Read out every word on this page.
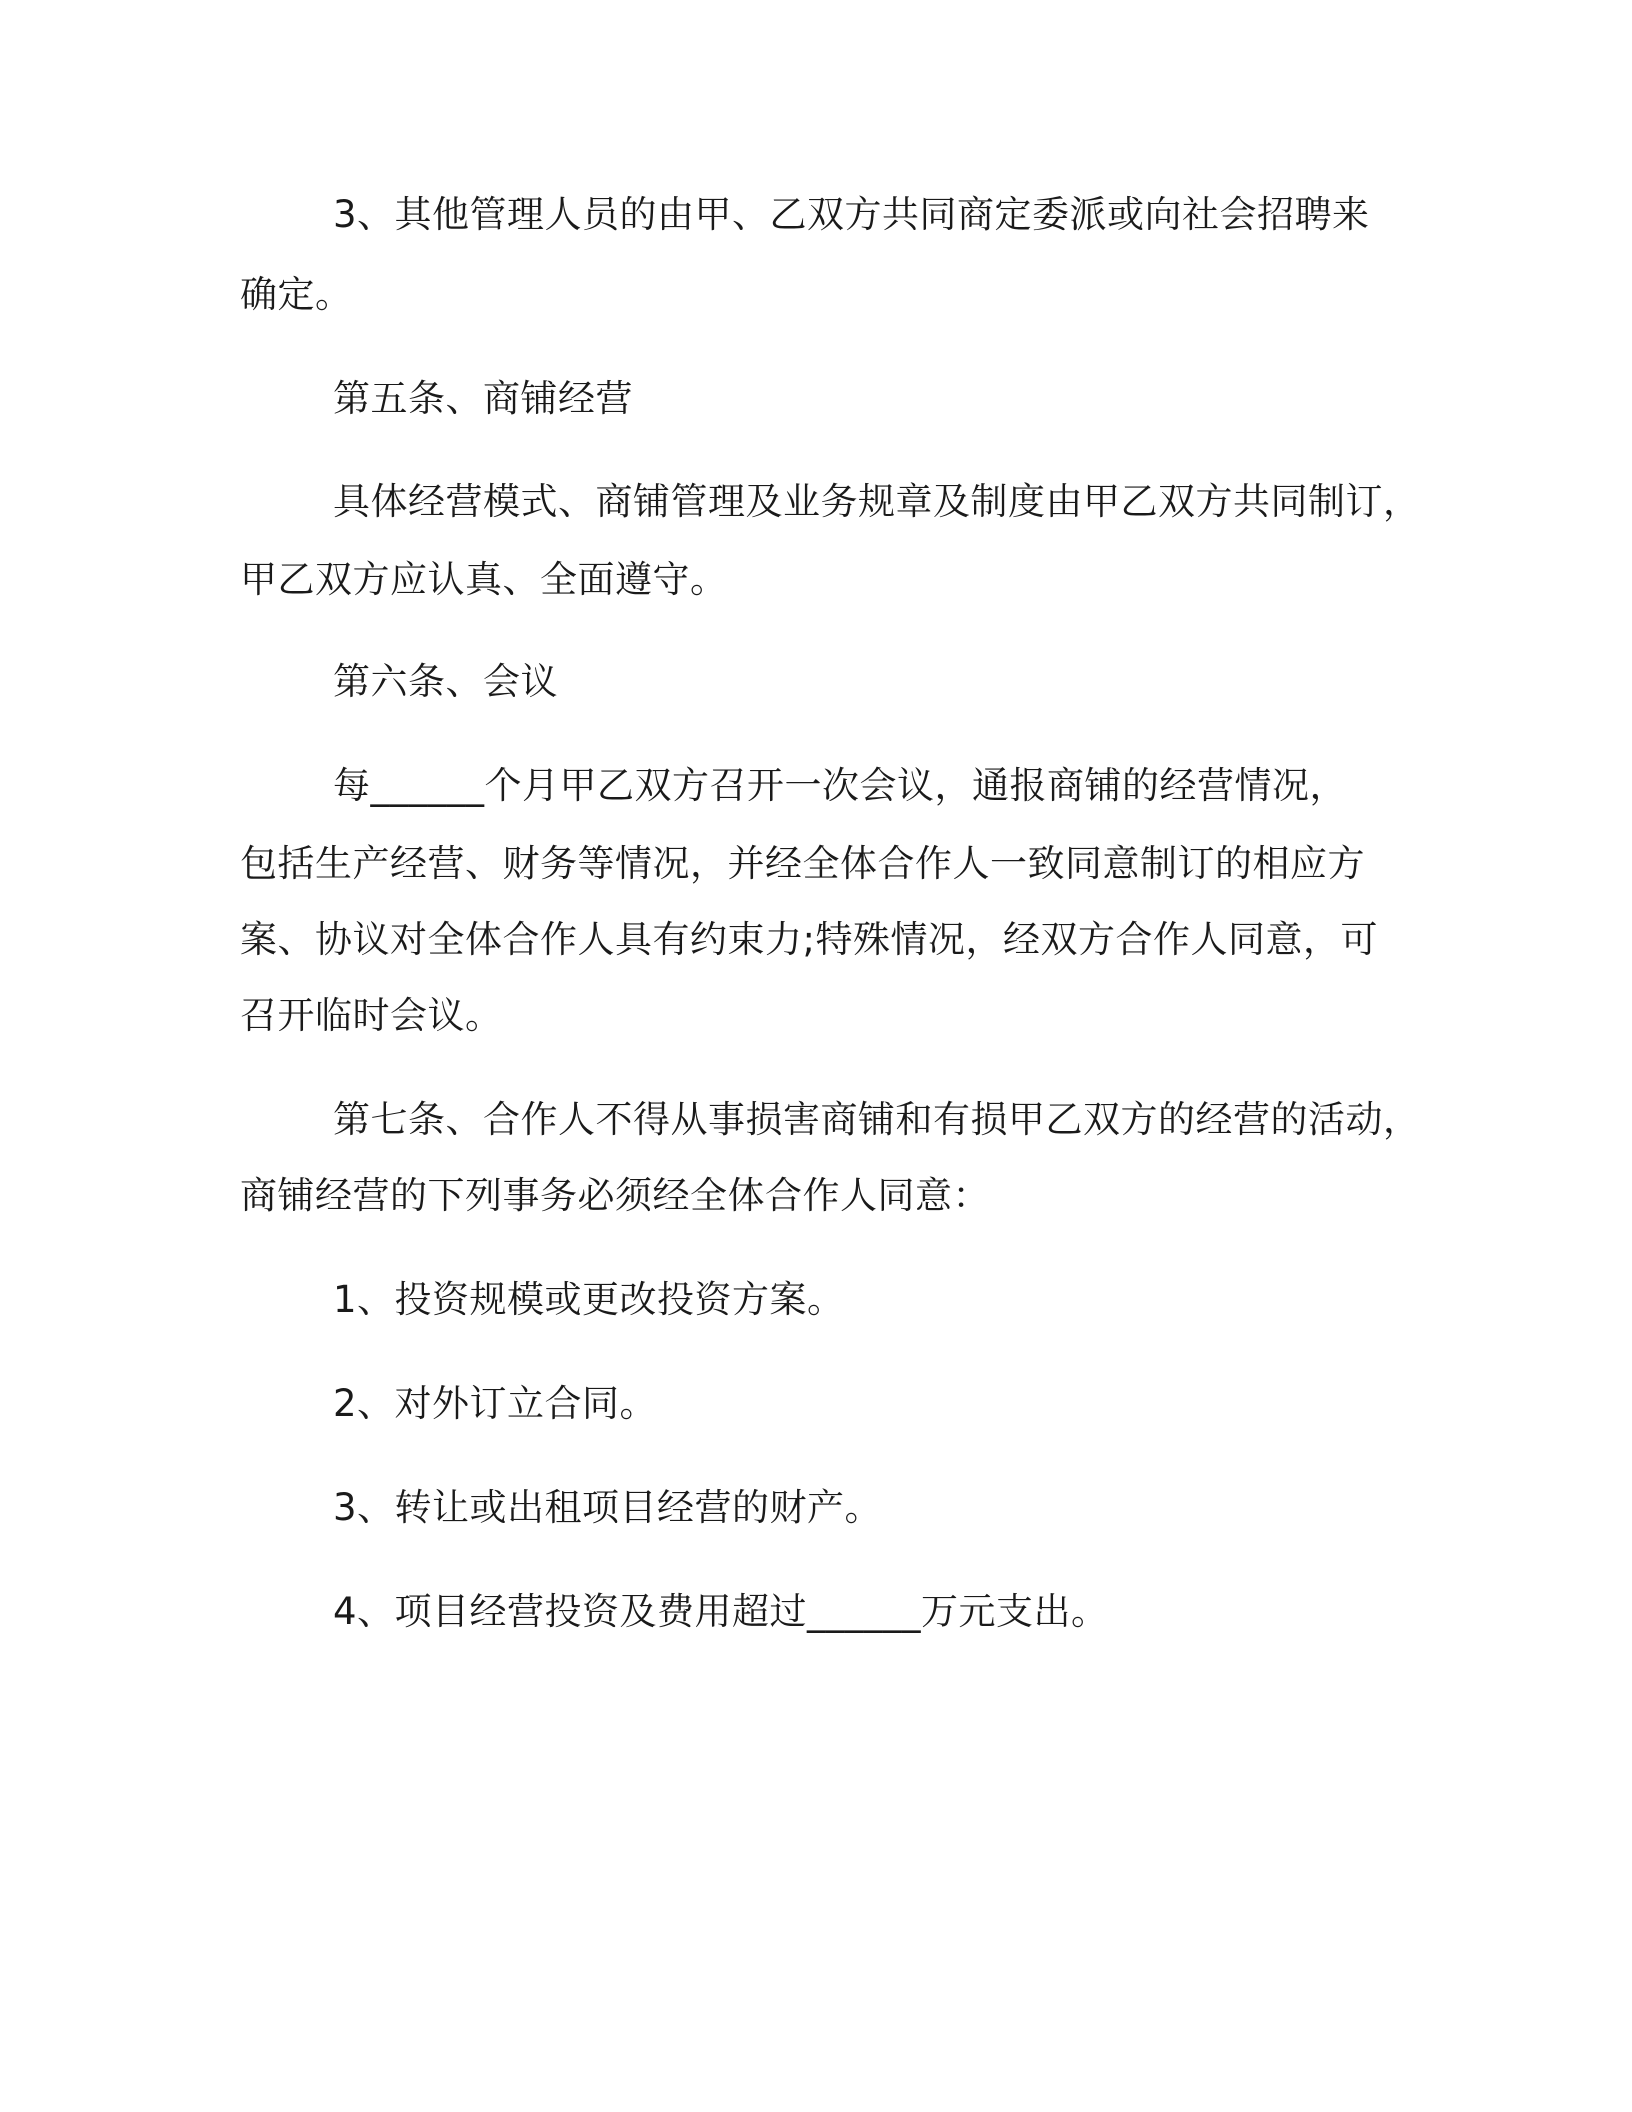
3、其他管理人员的由甲、乙双方共同商定委派或向社会招聘来

确定。

第五条、商铺经营

具体经营模式、商铺管理及业务规章及制度由甲乙双方共同制订，

甲乙双方应认真、全面遵守。

第六条、会议

每______个月甲乙双方召开一次会议，通报商铺的经营情况，

包括生产经营、财务等情况，并经全体合作人一致同意制订的相应方

案、协议对全体合作人具有约束力;特殊情况，经双方合作人同意，可

召开临时会议。

第七条、合作人不得从事损害商铺和有损甲乙双方的经营的活动，

商铺经营的下列事务必须经全体合作人同意：

1、投资规模或更改投资方案。

2、对外订立合同。

3、转让或出租项目经营的财产。

4、项目经营投资及费用超过______万元支出。
